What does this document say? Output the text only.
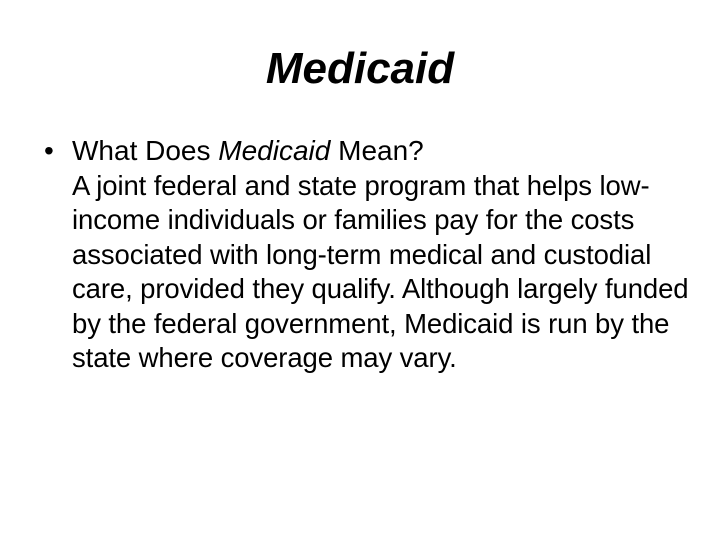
Medicaid
• What Does Medicaid Mean?
A joint federal and state program that helps low-income individuals or families pay for the costs associated with long-term medical and custodial care, provided they qualify. Although largely funded by the federal government, Medicaid is run by the state where coverage may vary.
